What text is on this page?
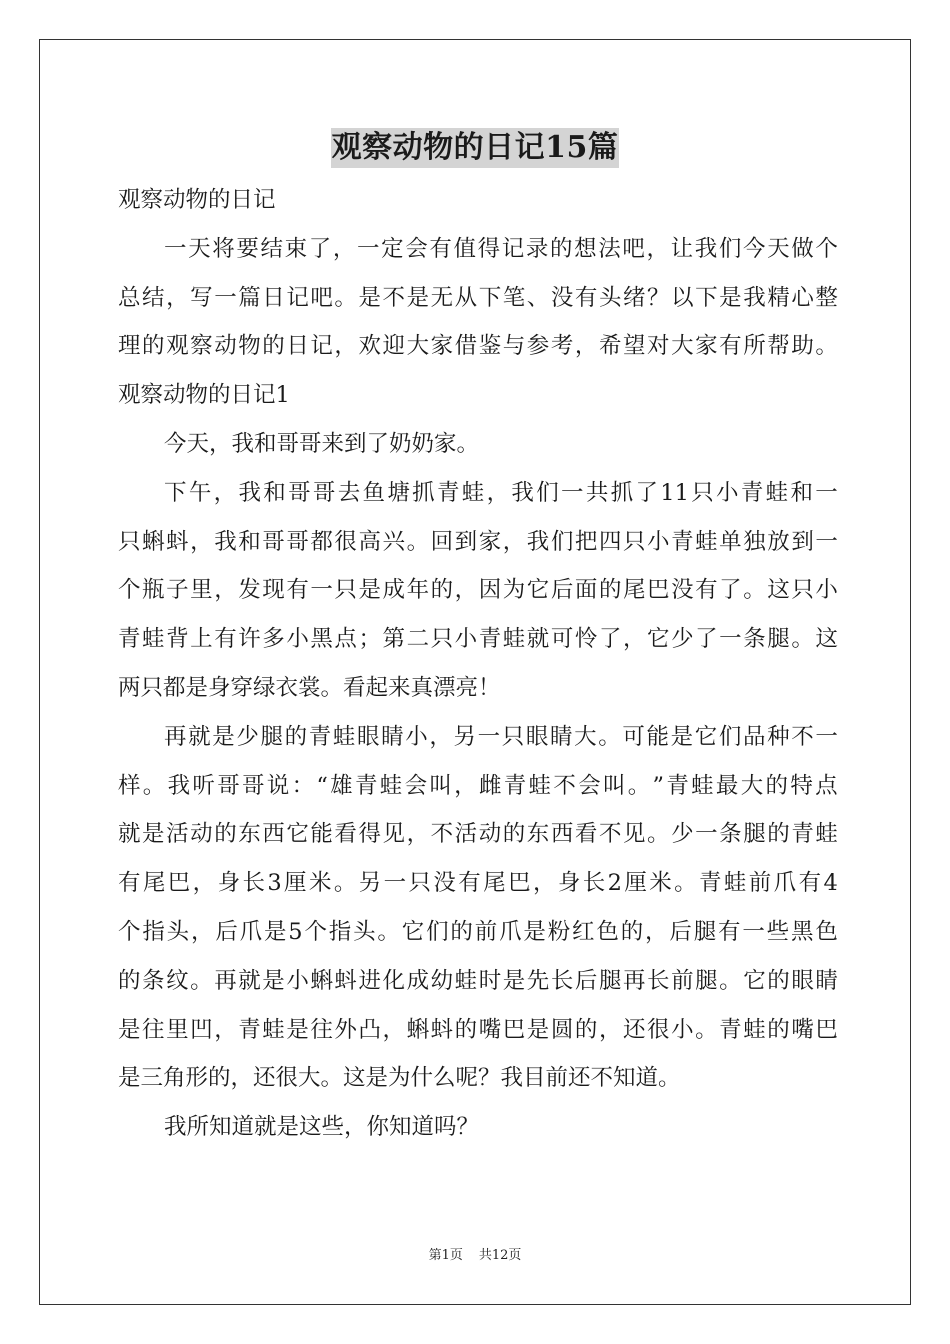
观察动物的日记15篇
观察动物的日记
一 天 将 要 结 束 了 ， 一 定 会 有 值 得 记 录 的 想 法 吧 ， 让 我 们 今 天 做 个
总 结 ， 写 一 篇 日 记 吧 。 是 不 是 无 从 下 笔 、 没 有 头 绪 ？ 以 下 是 我 精 心 整
理 的 观 察 动 物 的 日 记 ， 欢 迎 大 家 借 鉴 与 参 考 ， 希 望 对 大 家 有 所 帮 助 。
观察动物的日记1
今天，我和哥哥来到了奶奶家。
下 午 ， 我 和 哥 哥 去 鱼 塘 抓 青 蛙 ， 我 们 一 共 抓 了 11 只 小 青 蛙 和 一
只 蝌 蚪 ， 我 和 哥 哥 都 很 高 兴 。 回 到 家 ， 我 们 把 四 只 小 青 蛙 单 独 放 到 一
个 瓶 子 里 ， 发 现 有 一 只 是 成 年 的 ， 因 为 它 后 面 的 尾 巴 没 有 了 。 这 只 小
青 蛙 背 上 有 许 多 小 黑 点 ； 第 二 只 小 青 蛙 就 可 怜 了 ， 它 少 了 一 条 腿 。 这
两只都是身穿绿衣裳。看起来真漂亮！
再 就 是 少 腿 的 青 蛙 眼 睛 小 ， 另 一 只 眼 睛 大 。 可 能 是 它 们 品 种 不 一
样 。 我 听 哥 哥 说 ： “ 雄 青 蛙 会 叫 ， 雌 青 蛙 不 会 叫 。 ” 青 蛙 最 大 的 特 点
就 是 活 动 的 东 西 它 能 看 得 见 ， 不 活 动 的 东 西 看 不 见 。 少 一 条 腿 的 青 蛙
有 尾 巴 ， 身 长 3 厘 米 。 另 一 只 没 有 尾 巴 ， 身 长 2 厘 米 。 青 蛙 前 爪 有 4
个 指 头 ， 后 爪 是 5 个 指 头 。 它 们 的 前 爪 是 粉 红 色 的 ， 后 腿 有 一 些 黑 色
的 条 纹 。 再 就 是 小 蝌 蚪 进 化 成 幼 蛙 时 是 先 长 后 腿 再 长 前 腿 。 它 的 眼 睛
是 往 里 凹 ， 青 蛙 是 往 外 凸 ， 蝌 蚪 的 嘴 巴 是 圆 的 ， 还 很 小 。 青 蛙 的 嘴 巴
是三角形的，还很大。这是为什么呢？我目前还不知道。
我所知道就是这些，你知道吗？
第1页 共12页
